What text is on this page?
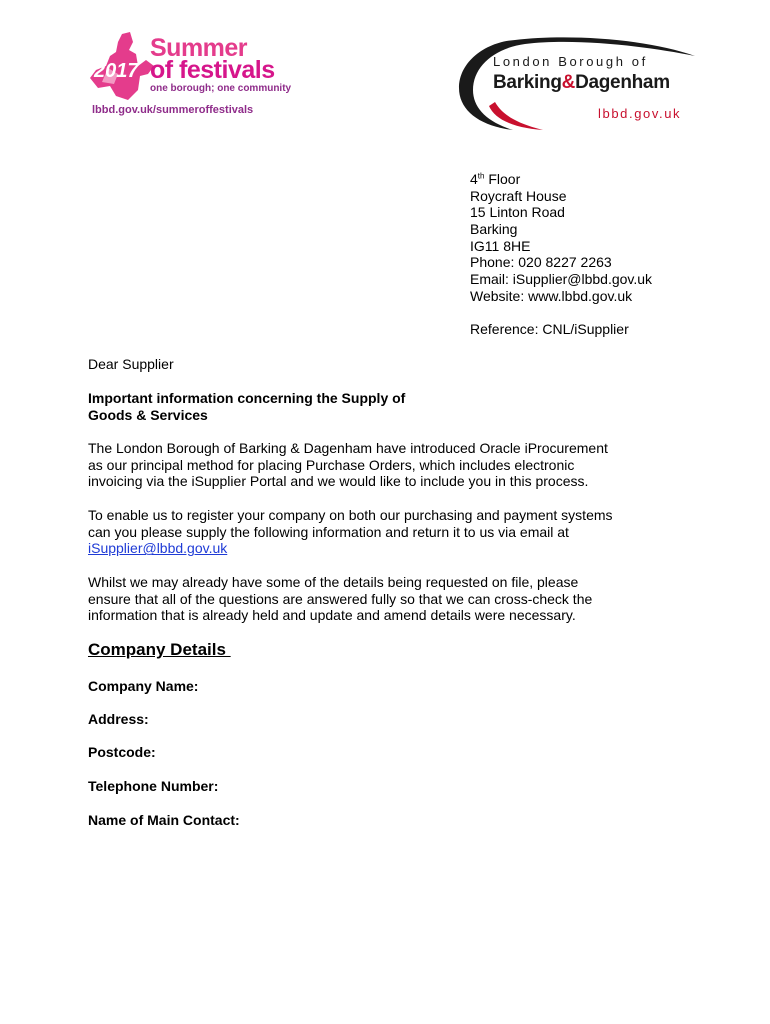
2017
Summer
of festivals
one borough; one community
lbbd.gov.uk/summeroffestivals
London Borough of
Barking&Dagenham
lbbd.gov.uk
4th Floor
Roycraft House
15 Linton Road
Barking
IG11 8HE
Phone: 020 8227 2263
Email: iSupplier@lbbd.gov.uk
Website: www.lbbd.gov.uk
Reference: CNL/iSupplier
Dear Supplier
Important information concerning the Supply of
Goods & Services
The London Borough of Barking & Dagenham have introduced Oracle iProcurement
as our principal method for placing Purchase Orders, which includes electronic
invoicing via the iSupplier Portal and we would like to include you in this process.
To enable us to register your company on both our purchasing and payment systems
can you please supply the following information and return it to us via email at
iSupplier@lbbd.gov.uk
Whilst we may already have some of the details being requested on file, please
ensure that all of the questions are answered fully so that we can cross-check the
information that is already held and update and amend details were necessary.
Company Details
Company Name:
Address:
Postcode:
Telephone Number:
Name of Main Contact:
